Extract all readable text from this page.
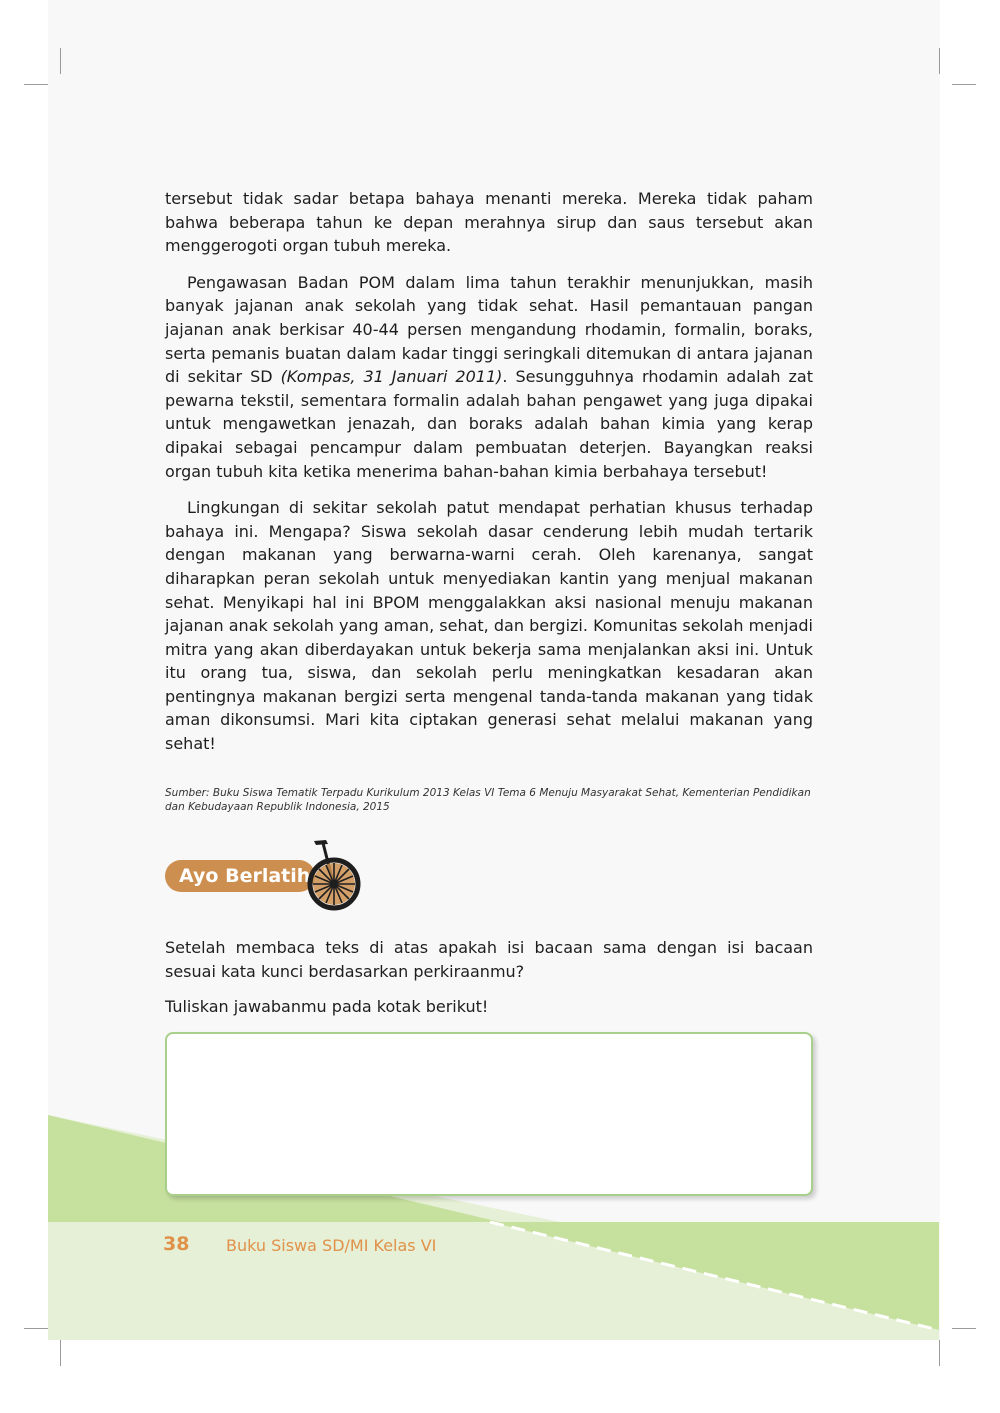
tersebut tidak sadar betapa bahaya menanti mereka. Mereka tidak paham bahwa beberapa tahun ke depan merahnya sirup dan saus tersebut akan menggerogoti organ tubuh mereka.

Pengawasan Badan POM dalam lima tahun terakhir menunjukkan, masih banyak jajanan anak sekolah yang tidak sehat. Hasil pemantauan pangan jajanan anak berkisar 40-44 persen mengandung rhodamin, formalin, boraks, serta pemanis buatan dalam kadar tinggi seringkali ditemukan di antara jajanan di sekitar SD (Kompas, 31 Januari 2011). Sesungguhnya rhodamin adalah zat pewarna tekstil, sementara formalin adalah bahan pengawet yang juga dipakai untuk mengawetkan jenazah, dan boraks adalah bahan kimia yang kerap dipakai sebagai pencampur dalam pembuatan deterjen. Bayangkan reaksi organ tubuh kita ketika menerima bahan-bahan kimia berbahaya tersebut!

Lingkungan di sekitar sekolah patut mendapat perhatian khusus terhadap bahaya ini. Mengapa? Siswa sekolah dasar cenderung lebih mudah tertarik dengan makanan yang berwarna-warni cerah. Oleh karenanya, sangat diharapkan peran sekolah untuk menyediakan kantin yang menjual makanan sehat. Menyikapi hal ini BPOM menggalakkan aksi nasional menuju makanan jajanan anak sekolah yang aman, sehat, dan bergizi. Komunitas sekolah menjadi mitra yang akan diberdayakan untuk bekerja sama menjalankan aksi ini. Untuk itu orang tua, siswa, dan sekolah perlu meningkatkan kesadaran akan pentingnya makanan bergizi serta mengenal tanda-tanda makanan yang tidak aman dikonsumsi. Mari kita ciptakan generasi sehat melalui makanan yang sehat!

Sumber: Buku Siswa Tematik Terpadu Kurikulum 2013 Kelas VI Tema 6 Menuju Masyarakat Sehat, Kementerian Pendidikan dan Kebudayaan Republik Indonesia, 2015
Ayo Berlatih
Setelah membaca teks di atas apakah isi bacaan sama dengan isi bacaan sesuai kata kunci berdasarkan perkiraanmu?
Tuliskan jawabanmu pada kotak berikut!
38 Buku Siswa SD/MI Kelas VI
